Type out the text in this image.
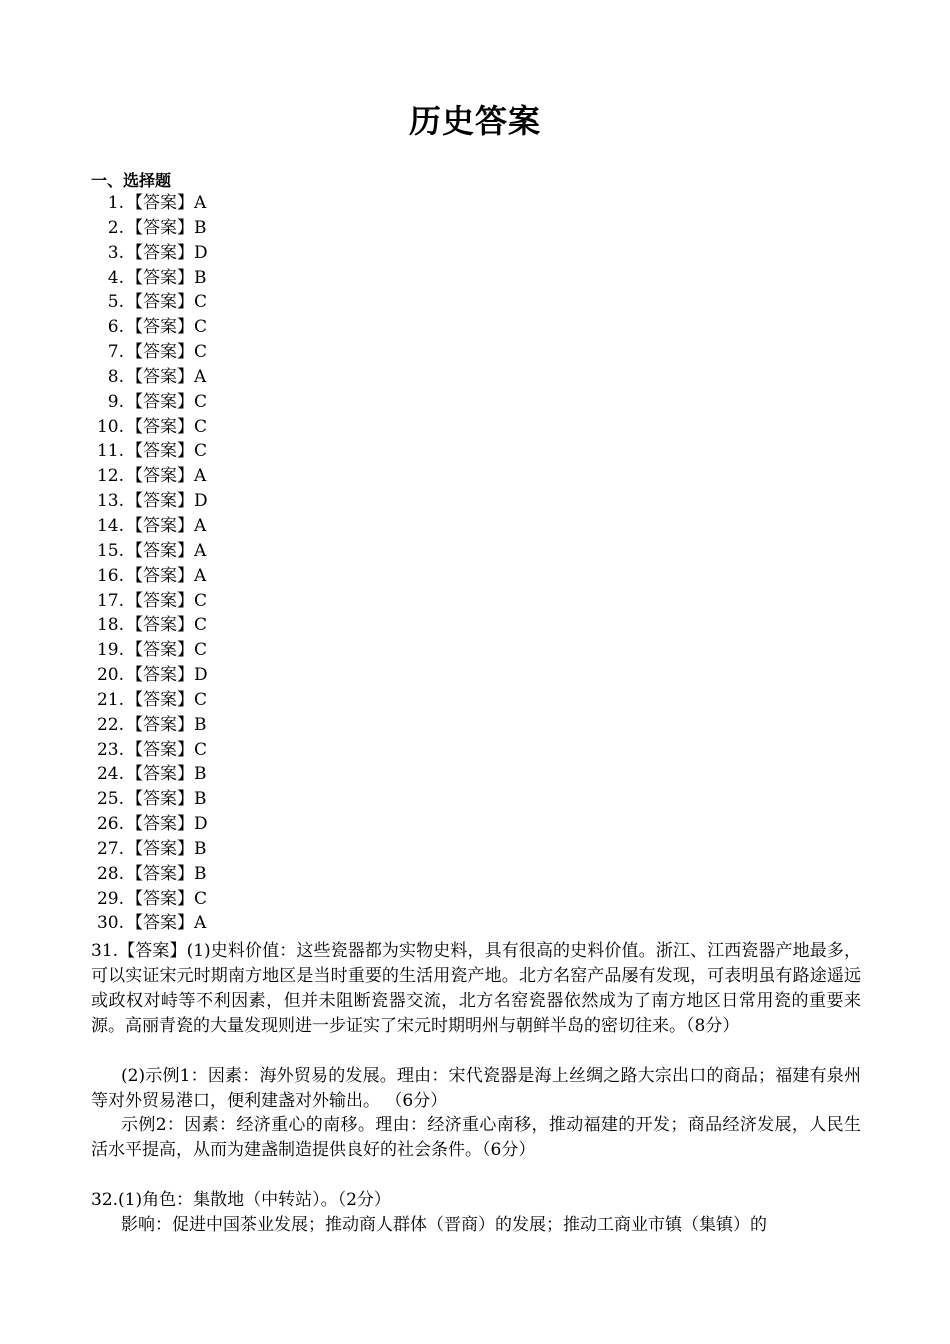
历史答案
一、选择题
1. 【答案】A
2. 【答案】B
3. 【答案】D
4. 【答案】B
5. 【答案】C
6. 【答案】C
7. 【答案】C
8. 【答案】A
9. 【答案】C
10. 【答案】C
11. 【答案】C
12. 【答案】A
13. 【答案】D
14. 【答案】A
15. 【答案】A
16. 【答案】A
17. 【答案】C
18. 【答案】C
19. 【答案】C
20. 【答案】D
21. 【答案】C
22. 【答案】B
23. 【答案】C
24. 【答案】B
25. 【答案】B
26. 【答案】D
27. 【答案】B
28. 【答案】B
29. 【答案】C
30. 【答案】A
31.【答案】(1)史料价值：这些瓷器都为实物史料，具有很高的史料价值。浙江、江西瓷器产地最多，可以实证宋元时期南方地区是当时重要的生活用瓷产地。北方名窑产品屡有发现，可表明虽有路途遥远或政权对峙等不利因素，但并未阻断瓷器交流，北方名窑瓷器依然成为了南方地区日常用瓷的重要来源。高丽青瓷的大量发现则进一步证实了宋元时期明州与朝鲜半岛的密切往来。（8分）
(2)示例1：因素：海外贸易的发展。理由：宋代瓷器是海上丝绸之路大宗出口的商品；福建有泉州等对外贸易港口，便利建盏对外输出。 （6分）
示例2：因素：经济重心的南移。理由：经济重心南移，推动福建的开发；商品经济发展，人民生活水平提高，从而为建盏制造提供良好的社会条件。（6分）
32.(1)角色：集散地（中转站）。（2分）
影响：促进中国茶业发展；推动商人群体（晋商）的发展；推动工商业市镇（集镇）的
